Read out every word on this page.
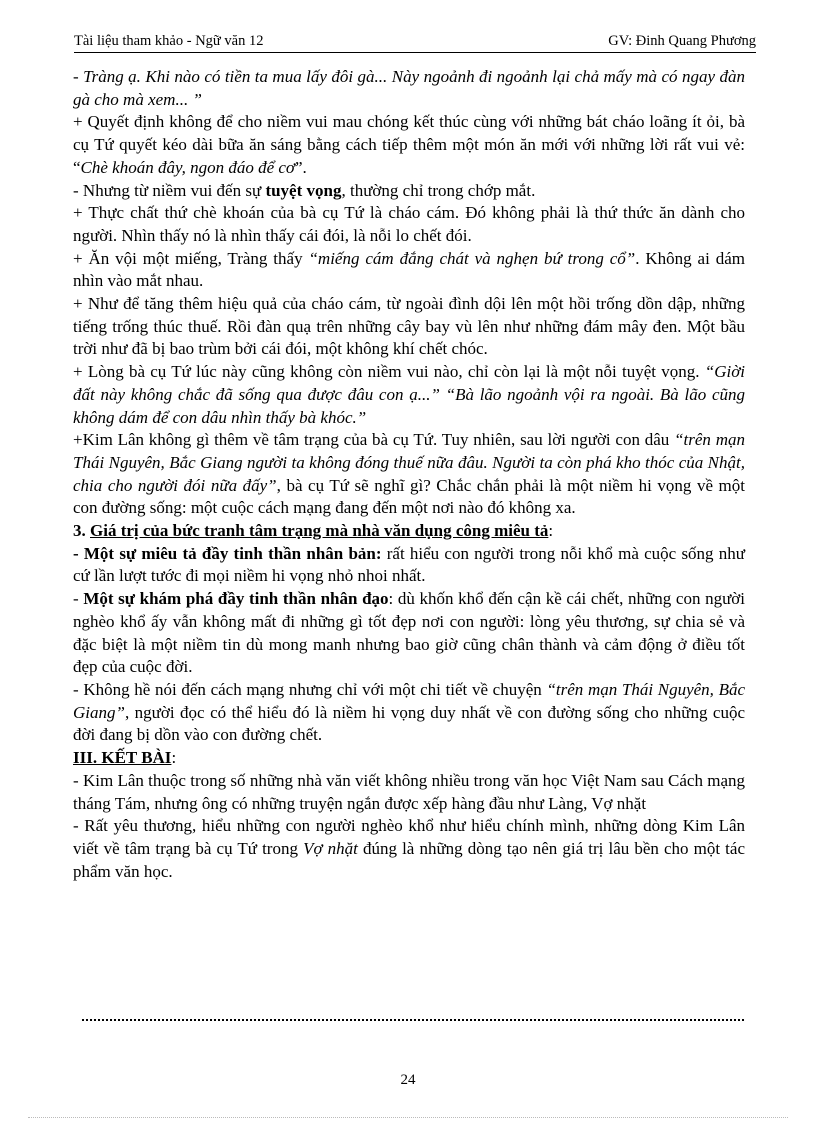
Tài liệu tham khảo - Ngữ văn 12	GV: Đinh Quang Phương

- Tràng ạ. Khi nào có tiền ta mua lấy đôi gà... Này ngoảnh đi ngoảnh lại chả mấy mà có ngay đàn gà cho mà xem... ”

+ Quyết định không để cho niềm vui mau chóng kết thúc cùng với những bát cháo loãng ít ỏi, bà cụ Tứ quyết kéo dài bữa ăn sáng bằng cách tiếp thêm một món ăn mới với những lời rất vui vẻ: “Chè khoán đây, ngon đáo để cơ”.

- Nhưng từ niềm vui đến sự tuyệt vọng, thường chỉ trong chớp mắt.

+ Thực chất thứ chè khoán của bà cụ Tứ là cháo cám. Đó không phải là thứ thức ăn dành cho người. Nhìn thấy nó là nhìn thấy cái đói, là nỗi lo chết đói.

+ Ăn vội một miếng, Tràng thấy “miếng cám đắng chát và nghẹn bứ trong cổ”. Không ai dám nhìn vào mắt nhau.

+ Như để tăng thêm hiệu quả của cháo cám, từ ngoài đình dội lên một hồi trống dồn dập, những tiếng trống thúc thuế. Rồi đàn quạ trên những cây bay vù lên như những đám mây đen. Một bầu trời như đã bị bao trùm bởi cái đói, một không khí chết chóc.

+ Lòng bà cụ Tứ lúc này cũng không còn niềm vui nào, chỉ còn lại là một nỗi tuyệt vọng. “Giời đất này không chắc đã sống qua được đâu con ạ...” “Bà lão ngoảnh vội ra ngoài. Bà lão cũng không dám để con dâu nhìn thấy bà khóc.”

+Kim Lân không gì thêm về tâm trạng của bà cụ Tứ. Tuy nhiên, sau lời người con dâu “trên mạn Thái Nguyên, Bắc Giang người ta không đóng thuế nữa đâu. Người ta còn phá kho thóc của Nhật, chia cho người đói nữa đấy”, bà cụ Tứ sẽ nghĩ gì? Chắc chắn phải là một niềm hi vọng về một con đường sống: một cuộc cách mạng đang đến một nơi nào đó không xa.

3. Giá trị của bức tranh tâm trạng mà nhà văn dụng công miêu tả:

- Một sự miêu tả đầy tinh thần nhân bản: rất hiểu con người trong nỗi khổ mà cuộc sống như cứ lần lượt tước đi mọi niềm hi vọng nhỏ nhoi nhất.

- Một sự khám phá đầy tinh thần nhân đạo: dù khốn khổ đến cận kề cái chết, những con người nghèo khổ ấy vẫn không mất đi những gì tốt đẹp nơi con người: lòng yêu thương, sự chia sẻ và đặc biệt là một niềm tin dù mong manh nhưng bao giờ cũng chân thành và cảm động ở điều tốt đẹp của cuộc đời.

- Không hề nói đến cách mạng nhưng chỉ với một chi tiết về chuyện “trên mạn Thái Nguyên, Bắc Giang”, người đọc có thể hiểu đó là niềm hi vọng duy nhất về con đường sống cho những cuộc đời đang bị dồn vào con đường chết.

III. KẾT BÀI:

- Kim Lân thuộc trong số những nhà văn viết không nhiều trong văn học Việt Nam sau Cách mạng tháng Tám, nhưng ông có những truyện ngắn được xếp hàng đầu như Làng, Vợ nhặt

- Rất yêu thương, hiểu những con người nghèo khổ như hiểu chính mình, những dòng Kim Lân viết về tâm trạng bà cụ Tứ trong Vợ nhặt đúng là những dòng tạo nên giá trị lâu bền cho một tác phẩm văn học.

24
